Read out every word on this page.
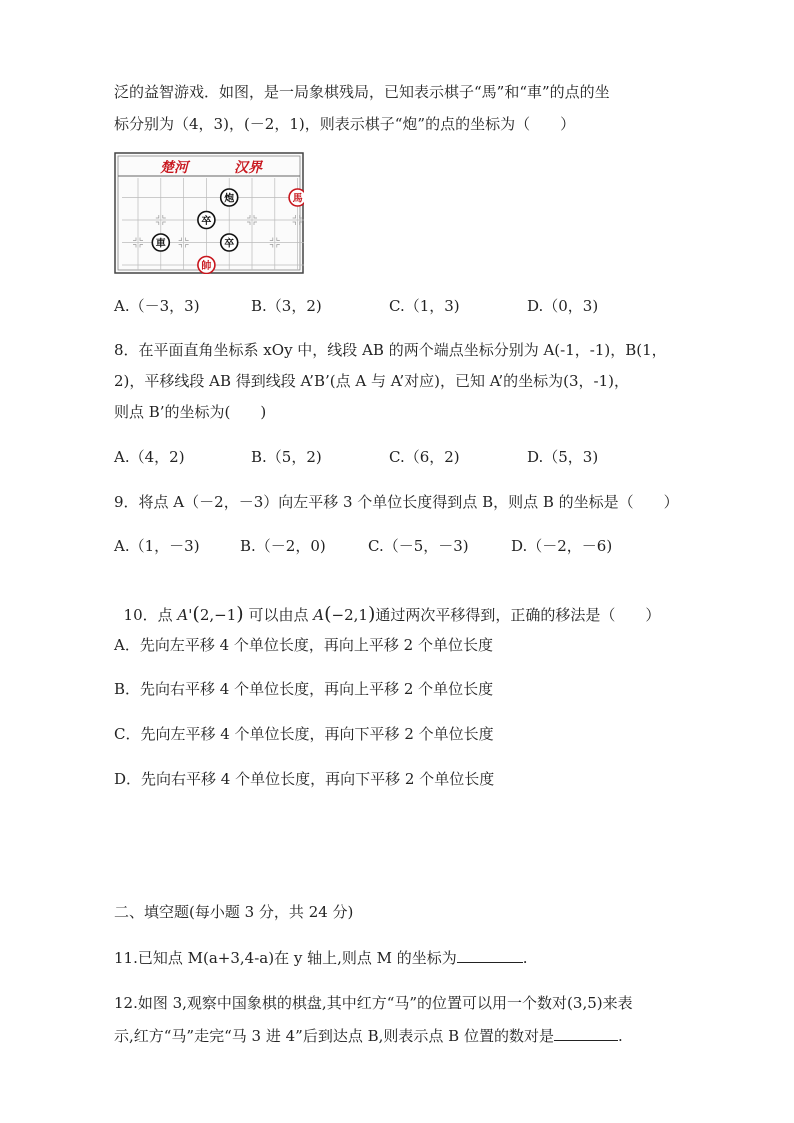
泛的益智游戏．如图，是一局象棋残局，已知表示棋子“馬”和“車”的点的坐
标分别为（4，3)，(－2，1)，则表示棋子“炮”的点的坐标为（　　）
楚河	汉界
炮	馬
卒
車	卒
帥
A.（－3，3)	B.（3，2)	C.（1，3)	D.（0，3)
8．在平面直角坐标系 xOy 中，线段 AB 的两个端点坐标分别为 A(-1，-1)，B(1，
2)，平移线段 AB 得到线段 A’B’(点 A 与 A’对应)，已知 A’的坐标为(3，-1)，
则点 B’的坐标为(　　)
A.（4，2)	B.（5，2)	C.（6，2)	D.（5，3)
9．将点 A（－2，－3）向左平移 3 个单位长度得到点 B，则点 B 的坐标是（　　）
A.（1，－3)	B.（－2，0)	C.（－5，－3)	D.（－2，－6)

10．点 A'(2,−1) 可以由点 A(−2,1)通过两次平移得到，正确的移法是（　　）

A．先向左平移 4 个单位长度，再向上平移 2 个单位长度
B．先向右平移 4 个单位长度，再向上平移 2 个单位长度
C．先向左平移 4 个单位长度，再向下平移 2 个单位长度
D．先向右平移 4 个单位长度，再向下平移 2 个单位长度
二、填空题(每小题 3 分，共 24 分)
11.已知点 M(a+3,4-a)在 y 轴上,则点 M 的坐标为	.
12.如图 3,观察中国象棋的棋盘,其中红方“马”的位置可以用一个数对(3,5)来表
示,红方“马”走完“马 3 进 4”后到达点 B,则表示点 B 位置的数对是	.
